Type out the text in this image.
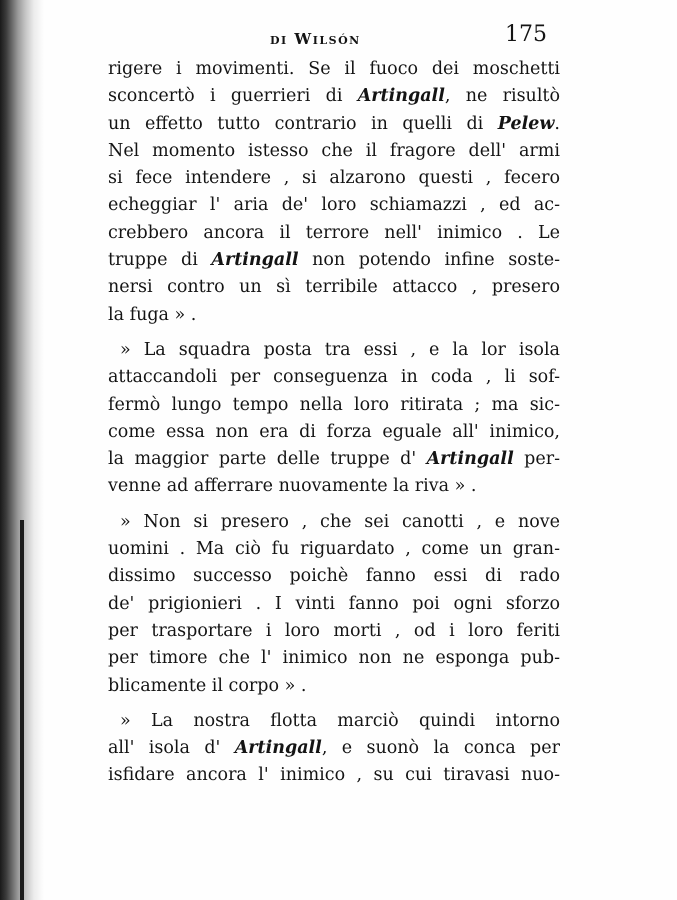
di Wilsón	175
rigere i movimenti. Se il fuoco dei moschetti
sconcertò i guerrieri di Artingall, ne risultò
un effetto tutto contrario in quelli di Pelew.
Nel momento istesso che il fragore dell' armi
si fece intendere , si alzarono questi , fecero
echeggiar l' aria de' loro schiamazzi , ed ac-
crebbero ancora il terrore nell' inimico . Le
truppe di Artingall non potendo infine soste-
nersi contro un sì terribile attacco , presero
la fuga » .
» La squadra posta tra essi , e la lor isola
attaccandoli per conseguenza in coda , li sof-
fermò lungo tempo nella loro ritirata ; ma sic-
come essa non era di forza eguale all' inimico,
la maggior parte delle truppe d' Artingall per-
venne ad afferrare nuovamente la riva » .
» Non si presero , che sei canotti , e nove
uomini . Ma ciò fu riguardato , come un gran-
dissimo successo poichè fanno essi di rado
de' prigionieri . I vinti fanno poi ogni sforzo
per trasportare i loro morti , od i loro feriti
per timore che l' inimico non ne esponga pub-
blicamente il corpo » .
» La nostra flotta marciò quindi intorno
all' isola d' Artingall, e suonò la conca per
isfidare ancora l' inimico , su cui tiravasi nuo-
